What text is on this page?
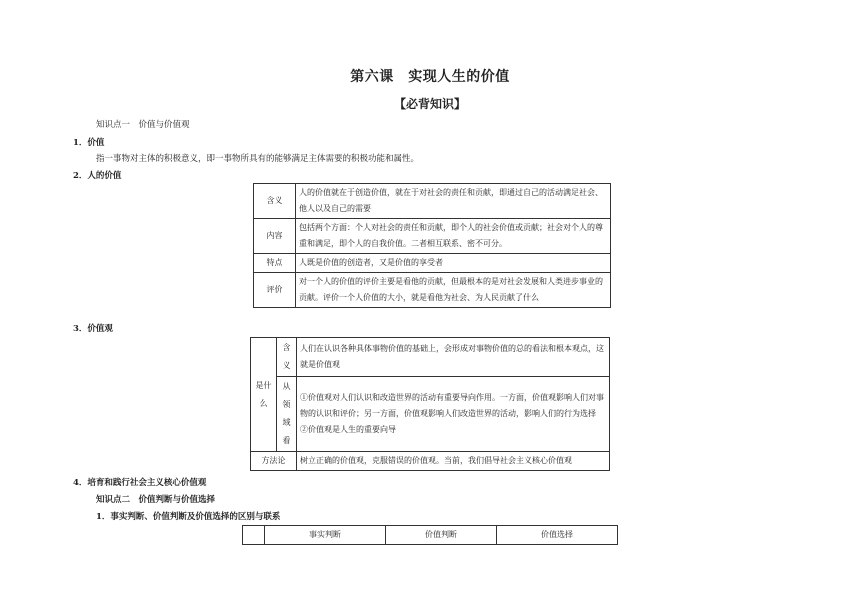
第六课　实现人生的价值
【必背知识】
知识点一　价值与价值观
1．价值
指一事物对主体的积极意义，即一事物所具有的能够满足主体需要的积极功能和属性。
2．人的价值
含义	人的价值就在于创造价值，就在于对社会的责任和贡献，即通过自己的活动满足社会、他人以及自己的需要
内容	包括两个方面：个人对社会的责任和贡献，即个人的社会价值或贡献；社会对个人的尊重和满足，即个人的自我价值。二者相互联系、密不可分。
特点	人既是价值的创造者，又是价值的享受者
评价	对一个人的价值的评价主要是看他的贡献，但最根本的是对社会发展和人类进步事业的贡献。评价一个人价值的大小，就是看他为社会、为人民贡献了什么
3．价值观
是什么	含义	人们在认识各种具体事物价值的基础上，会形成对事物价值的总的看法和根本观点，这就是价值观
	从领域看	①价值观对人们认识和改造世界的活动有重要导向作用。一方面，价值观影响人们对事物的认识和评价；另一方面，价值观影响人们改造世界的活动，影响人们的行为选择
②价值观是人生的重要向导

方法论		树立正确的价值观，克服错误的价值观。当前，我们倡导社会主义核心价值观
4．培育和践行社会主义核心价值观
知识点二　价值判断与价值选择
1．事实判断、价值判断及价值选择的区别与联系
	事实判断	价值判断	价值选择
